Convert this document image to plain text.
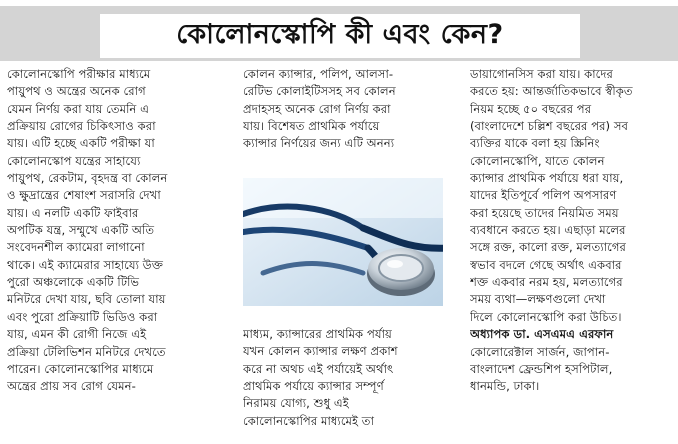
কোলোনস্কোপি কী এবং কেন?
কোলোনস্কোপি পরীক্ষার মাধ্যমে
পায়ুপথ ও অন্ত্রের অনেক রোগ
যেমন নির্ণয় করা যায় তেমনি এ
প্রক্রিয়ায় রোগের চিকিৎসাও করা
যায়। এটি হচ্ছে একটি পরীক্ষা যা
কোলোনস্কোপ যন্ত্রের সাহায্যে
পায়ুপথ, রেকটাম, বৃহদন্ত্র বা কোলন
ও ক্ষুদ্রান্ত্রের শেষাংশ সরাসরি দেখা
যায়। এ নলটি একটি ফাইবার
অপটিক যন্ত্র, সম্মুখে একটি অতি
সংবেদনশীল ক্যামেরা লাগানো
থাকে। এই ক্যামেরার সাহায্যে উক্ত
পুরো অঞ্চলোকে একটি টিভি
মনিটরে দেখা যায়, ছবি তোলা যায়
এবং পুরো প্রক্রিয়াটি ভিডিও করা
যায়, এমন কী রোগী নিজে এই
প্রক্রিয়া টেলিভিশন মনিটরে দেখতে
পারেন। কোলোনস্কোপির মাধ্যমে
অন্ত্রের প্রায় সব রোগ যেমন-
কোলন ক্যান্সার, পলিপ, আলসা-
রেটিভ কোলাইটিসসহ সব কোলন
প্রদাহসহ অনেক রোগ নির্ণয় করা
যায়। বিশেষত প্রাথমিক পর্যায়ে
ক্যান্সার নির্ণয়ের জন্য এটি অনন্য
মাধ্যম, ক্যান্সারের প্রাথমিক পর্যায়
যখন কোলন ক্যান্সার লক্ষণ প্রকাশ
করে না অথচ এই পর্যায়েই অর্থাৎ
প্রাথমিক পর্যায়ে ক্যান্সার সম্পূর্ণ
নিরাময় যোগ্য, শুধু এই
কোলোনস্কোপির মাধ্যমেই তা
ডায়াগোনসিস করা যায়। কাদের
করতে হয়: আন্তর্জাতিকভাবে স্বীকৃত
নিয়ম হচ্ছে ৫০ বছরের পর
(বাংলাদেশে চল্লিশ বছরের পর) সব
ব্যক্তির যাকে বলা হয় স্ক্রিনিং
কোলোনস্কোপি, যাতে কোলন
ক্যান্সার প্রাথমিক পর্যায়ে ধরা যায়,
যাদের ইতিপূর্বে পলিপ অপসারণ
করা হয়েছে তাদের নিয়মিত সময়
ব্যবধানে করতে হয়। এছাড়া মলের
সঙ্গে রক্ত, কালো রক্ত, মলত্যাগের
স্বভাব বদলে গেছে অর্থাৎ একবার
শক্ত একবার নরম হয়, মলত্যাগের
সময় ব্যথা—লক্ষণগুলো দেখা
দিলে কোলোনস্কোপি করা উচিত।
অধ্যাপক ডা. এসএমএ এরফান
কোলোরেক্টাল সার্জন, জাপান-
বাংলাদেশ ফ্রেন্ডশিপ হসপিটাল,
ধানমন্ডি, ঢাকা।
